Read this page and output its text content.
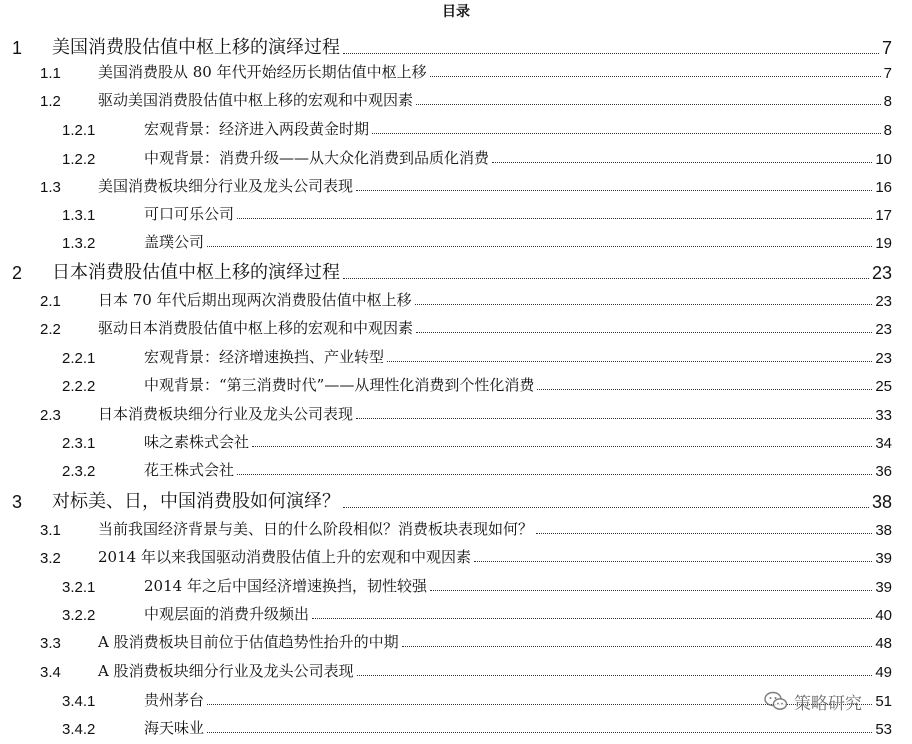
目录
1	美国消费股估值中枢上移的演绎过程	7
1.1	美国消费股从 80 年代开始经历长期估值中枢上移	7
1.2	驱动美国消费股估值中枢上移的宏观和中观因素	8
1.2.1	宏观背景：经济进入两段黄金时期	8
1.2.2	中观背景：消费升级——从大众化消费到品质化消费	10
1.3	美国消费板块细分行业及龙头公司表现	16
1.3.1	可口可乐公司	17
1.3.2	盖璞公司	19
2	日本消费股估值中枢上移的演绎过程	23
2.1	日本 70 年代后期出现两次消费股估值中枢上移	23
2.2	驱动日本消费股估值中枢上移的宏观和中观因素	23
2.2.1	宏观背景：经济增速换挡、产业转型	23
2.2.2	中观背景：“第三消费时代”——从理性化消费到个性化消费	25
2.3	日本消费板块细分行业及龙头公司表现	33
2.3.1	味之素株式会社	34
2.3.2	花王株式会社	36
3	对标美、日，中国消费股如何演绎？	38
3.1	当前我国经济背景与美、日的什么阶段相似？消费板块表现如何？	38
3.2	2014 年以来我国驱动消费股估值上升的宏观和中观因素	39
3.2.1	2014 年之后中国经济增速换挡，韧性较强	39
3.2.2	中观层面的消费升级频出	40
3.3	A 股消费板块目前位于估值趋势性抬升的中期	48
3.4	A 股消费板块细分行业及龙头公司表现	49
3.4.1	贵州茅台	51
3.4.2	海天味业	53
策略研究
